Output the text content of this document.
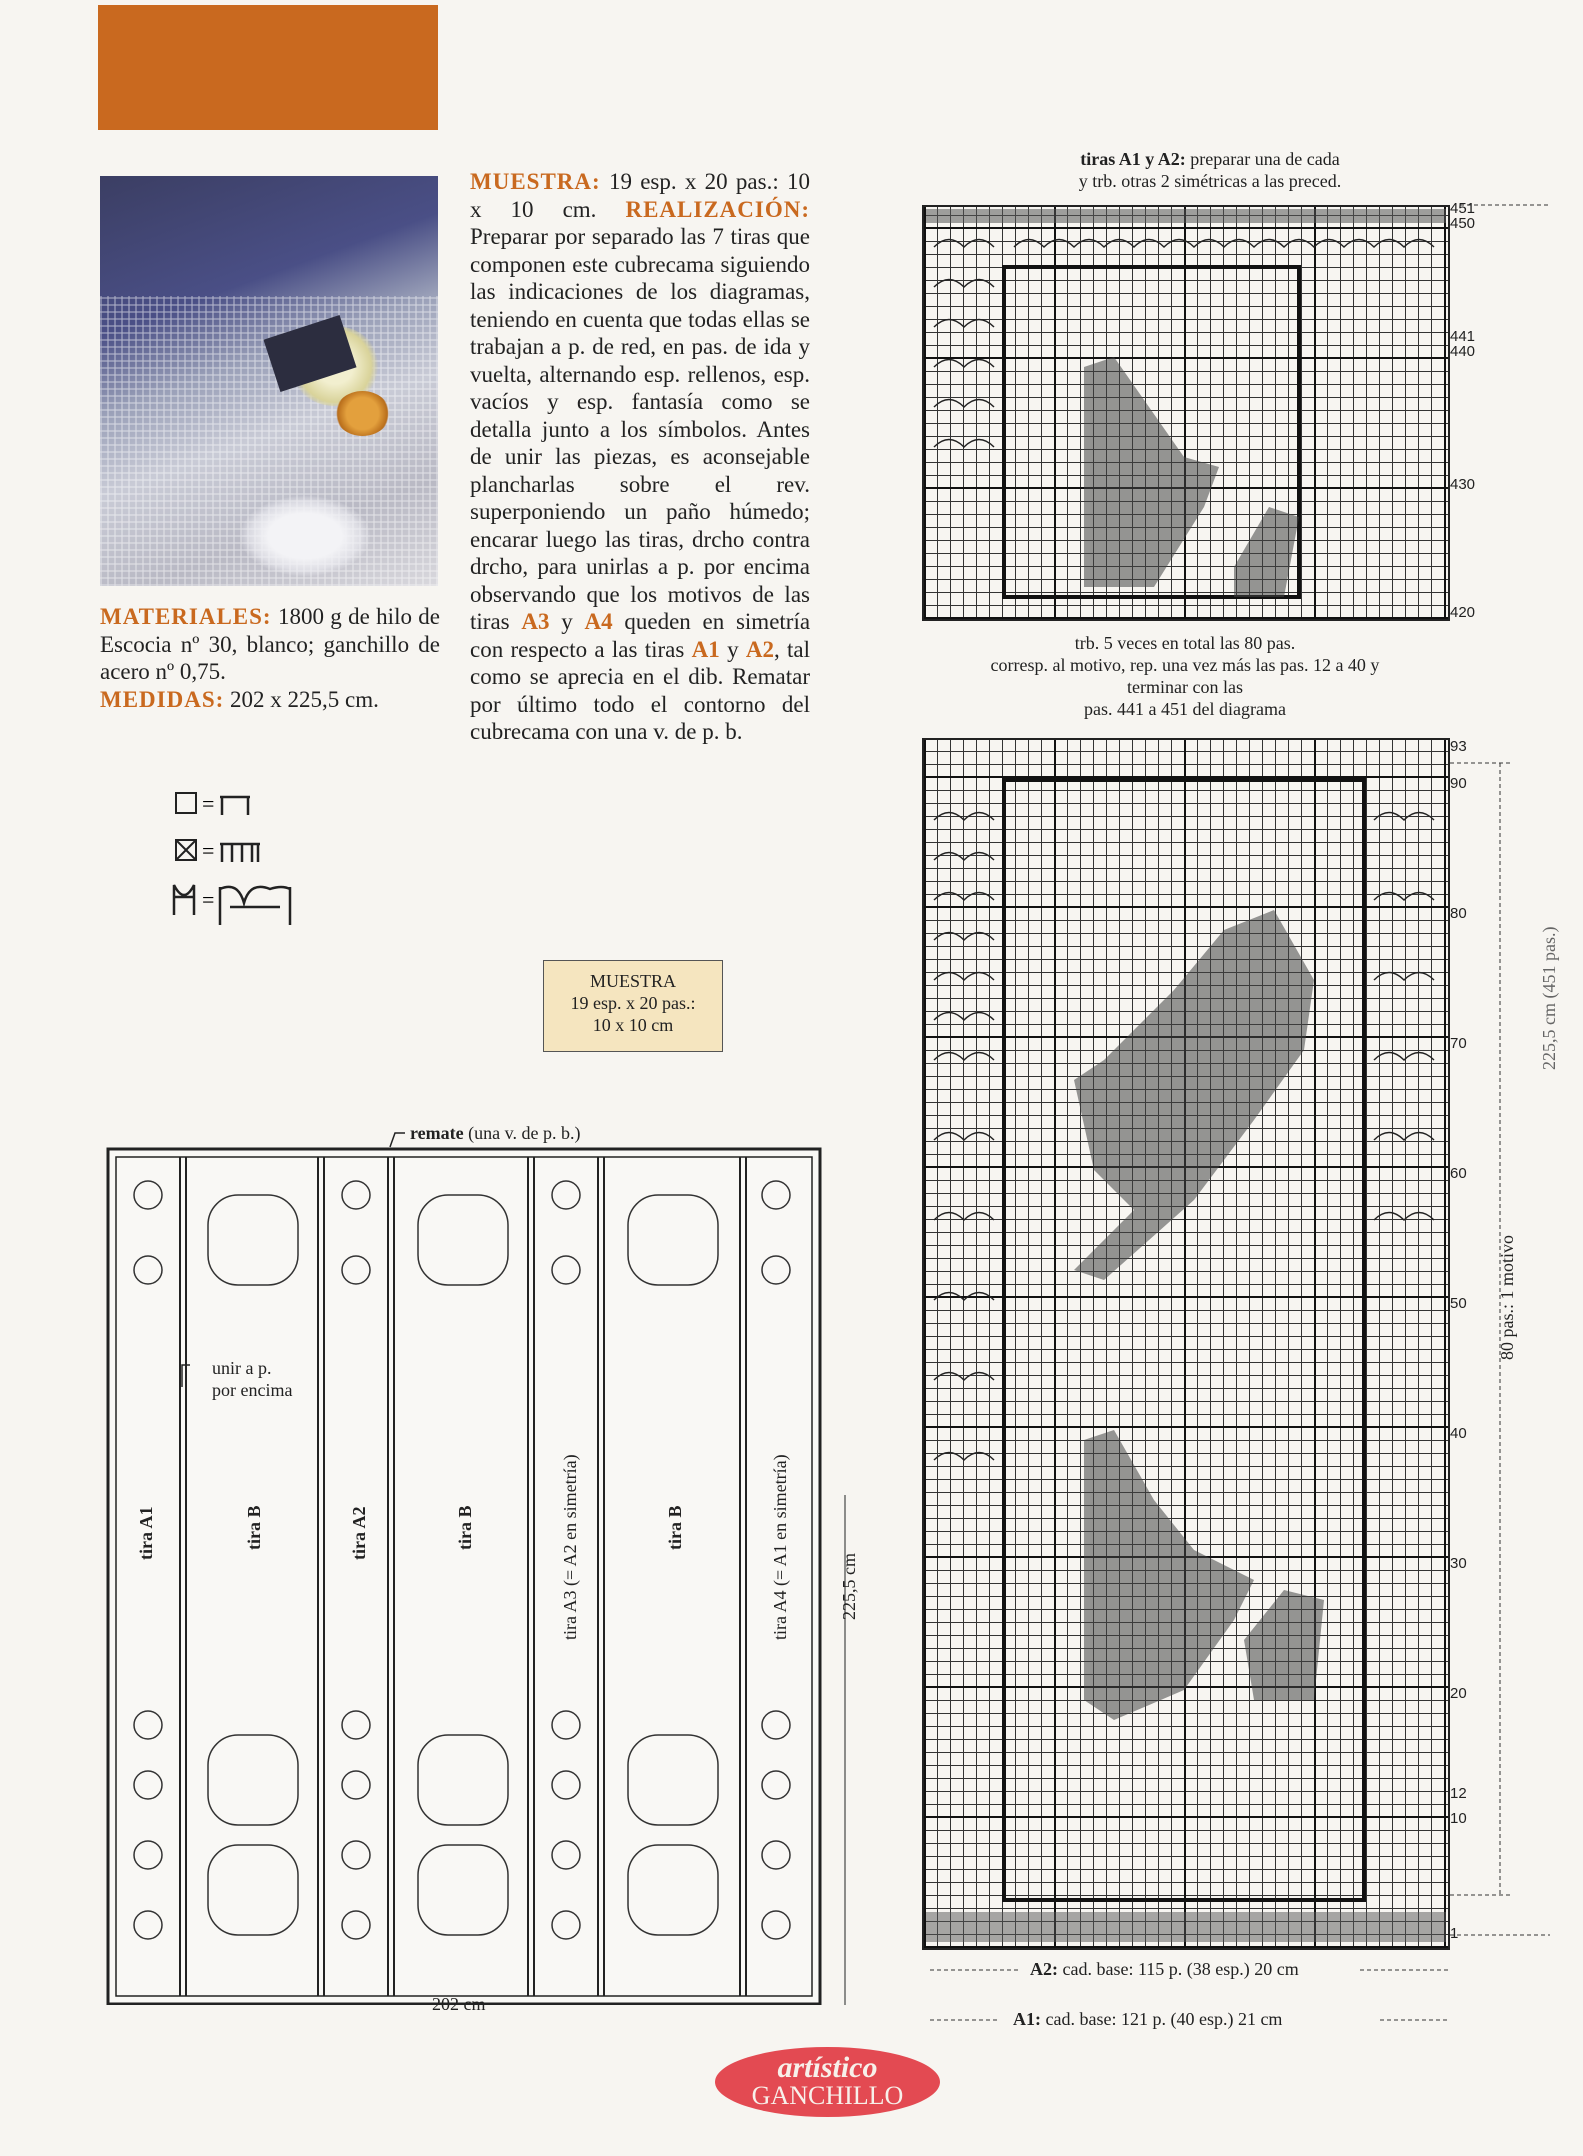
MATERIALES: 1800 g de hilo de Escocia nº 30, blanco; ganchillo de acero nº 0,75.
MEDIDAS: 202 x 225,5 cm.
MUESTRA: 19 esp. x 20 pas.: 10 x 10 cm. REALIZACIÓN: Preparar por separado las 7 tiras que componen este cubrecama siguiendo las indicaciones de los diagramas, teniendo en cuenta que todas ellas se trabajan a p. de red, en pas. de ida y vuelta, alternando esp. rellenos, esp. vacíos y esp. fantasía como se detalla junto a los símbolos. Antes de unir las piezas, es aconsejable plancharlas sobre el rev. superponiendo un paño húmedo; encarar luego las tiras, drcho contra drcho, para unirlas a p. por encima observando que los motivos de las tiras A3 y A4 queden en simetría con respecto a las tiras A1 y A2, tal como se aprecia en el dib. Rematar por último todo el contorno del cubrecama con una v. de p. b.
=
=
=
MUESTRA
19 esp. x 20 pas.:
10 x 10 cm
remate (una v. de p. b.)
unir a p.
por encima
tira A1	tira B	tira A2	tira B	tira A3 (= A2 en simetría)	tira B	tira A4 (= A1 en simetría)	225,5 cm
202 cm
tiras A1 y A2: preparar una de cada
y trb. otras 2 simétricas a las preced.
451
450
441
440
430
420
trb. 5 veces en total las 80 pas.
corresp. al motivo, rep. una vez más las pas. 12 a 40 y
terminar con las
pas. 441 a 451 del diagrama
93
90
80
70
60
50
40
30
20
12
10
1
80 pas.: 1 motivo
225,5 cm (451 pas.)
A2: cad. base: 115 p. (38 esp.) 20 cm
A1: cad. base: 121 p. (40 esp.) 21 cm
artístico
GANCHILLO
